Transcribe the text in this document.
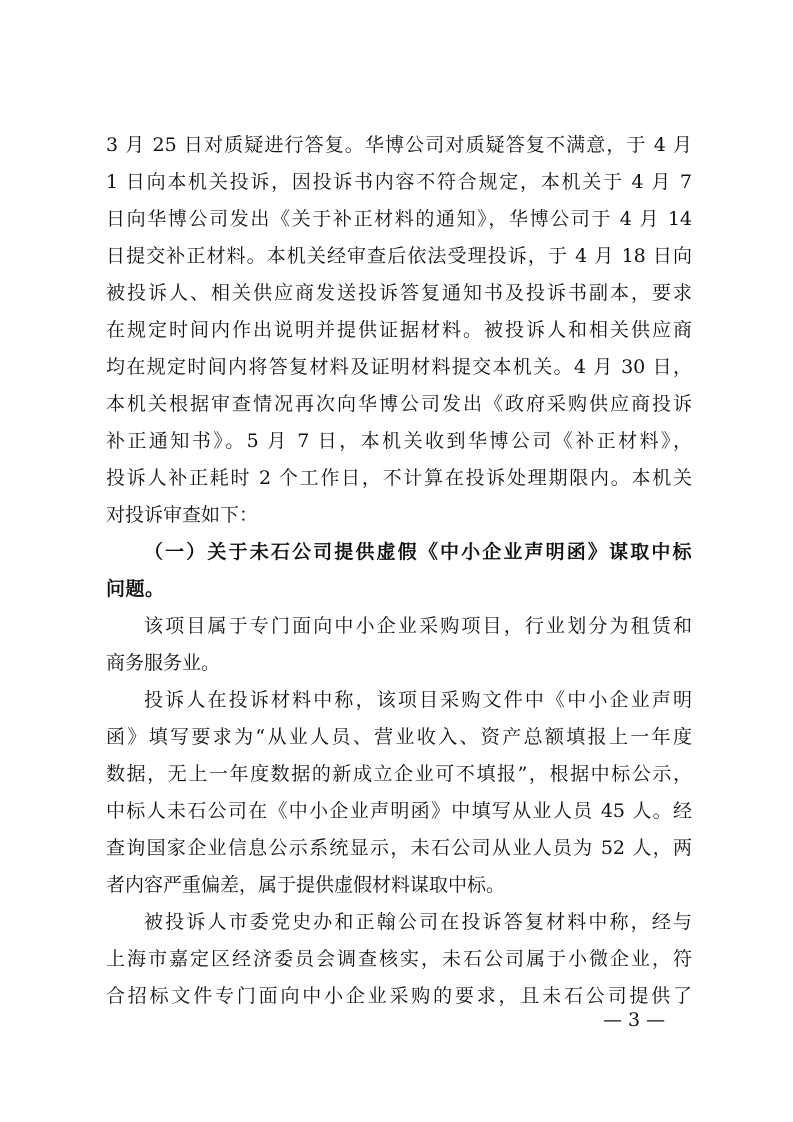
3 月 25 日对质疑进行答复。华博公司对质疑答复不满意，于 4 月
1 日向本机关投诉，因投诉书内容不符合规定，本机关于 4 月 7
日向华博公司发出《关于补正材料的通知》，华博公司于 4 月 14
日提交补正材料。本机关经审查后依法受理投诉，于 4 月 18 日向
被投诉人、相关供应商发送投诉答复通知书及投诉书副本，要求
在规定时间内作出说明并提供证据材料。被投诉人和相关供应商
均在规定时间内将答复材料及证明材料提交本机关。4 月 30 日，
本机关根据审查情况再次向华博公司发出《政府采购供应商投诉
补正通知书》。5 月 7 日，本机关收到华博公司《补正材料》，
投诉人补正耗时 2 个工作日，不计算在投诉处理期限内。本机关
对投诉审查如下：
（一）关于未石公司提供虚假《中小企业声明函》谋取中标
问题。
该项目属于专门面向中小企业采购项目，行业划分为租赁和
商务服务业。
投诉人在投诉材料中称，该项目采购文件中《中小企业声明
函》填写要求为“从业人员、营业收入、资产总额填报上一年度
数据，无上一年度数据的新成立企业可不填报”，根据中标公示，
中标人未石公司在《中小企业声明函》中填写从业人员 45 人。经
查询国家企业信息公示系统显示，未石公司从业人员为 52 人，两
者内容严重偏差，属于提供虚假材料谋取中标。
被投诉人市委党史办和正翰公司在投诉答复材料中称，经与
上海市嘉定区经济委员会调查核实，未石公司属于小微企业，符
合招标文件专门面向中小企业采购的要求，且未石公司提供了
— 3 —
